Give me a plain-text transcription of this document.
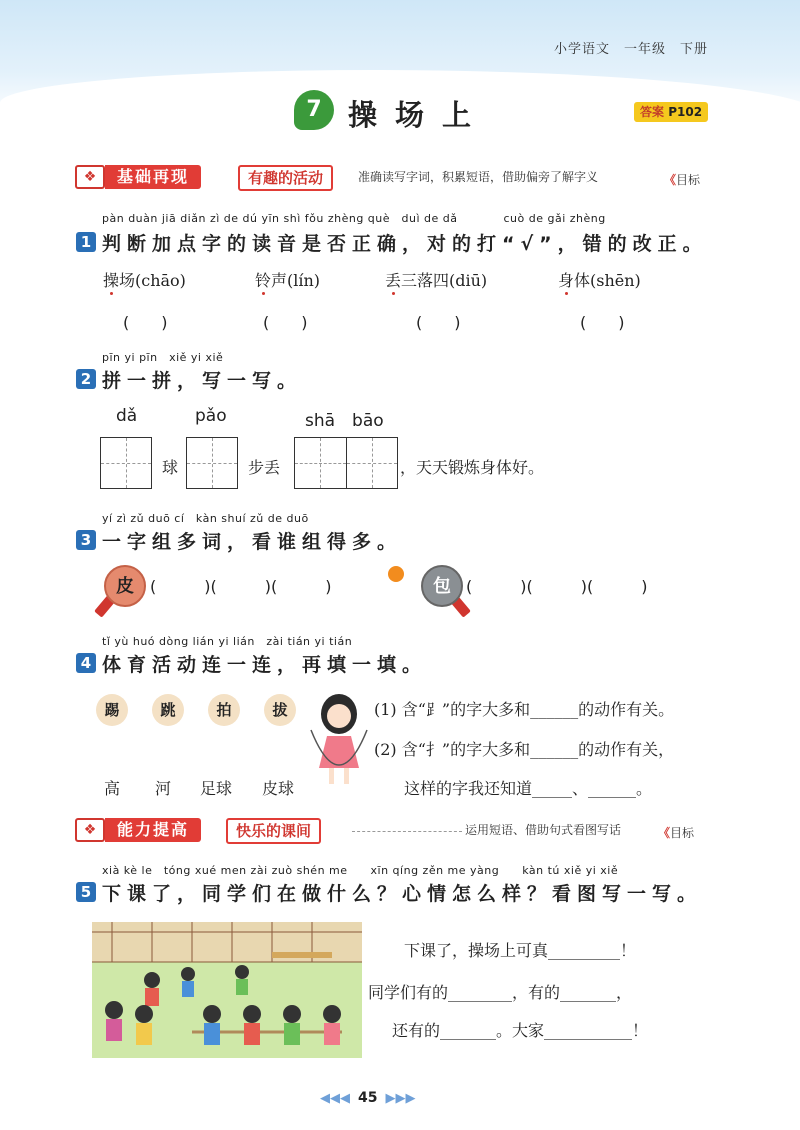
小学语文　一年级　下册
7 操场上	答案 P102
❖	基础再现	有趣的活动	准确读写字词，积累短语，借助偏旁了解字义	《目标
pàn duàn jiā diǎn zì de dú yīn shì fǒu zhèng què　duì de dǎ　　　　cuò de gǎi zhèng
1 判断加点字的读音是否正确，对的打“√”，错的改正。
操场(chāo)	铃声(lín)	丢三落四(diū)	身体(shēn)
(　　)	(　　)	(　　)	(　　)
pīn yi pīn　xiě yi xiě
2 拼一拼，写一写。
dǎ	pǎo	shā　bāo
球	步丢	，天天锻炼身体好。
yí zì zǔ duō cí　kàn shuí zǔ de duō
3 一字组多词，看谁组得多。
皮	(　　　)(　　　)(　　　)	包 (　　　)(　　　)(　　　)
tǐ yù huó dòng lián yi lián　zài tián yi tián
4 体育活动连一连，再填一填。
踢	跳	拍	拔
高 河 足球 皮球
(1) 含“⻊”的字大多和______的动作有关。
(2) 含“扌”的字大多和______的动作有关，
这样的字我还知道_____、______。
❖	能力提高	快乐的课间	运用短语、借助句式看图写话	《目标
xià kè le　tóng xué men zài zuò shén me　　xīn qíng zěn me yàng　　kàn tú xiě yi xiě
5 下课了，同学们在做什么？心情怎么样？看图写一写。
下课了，操场上可真_________！
同学们有的________，有的_______，
还有的_______。大家___________！
◀◀◀ 45 ▶▶▶
